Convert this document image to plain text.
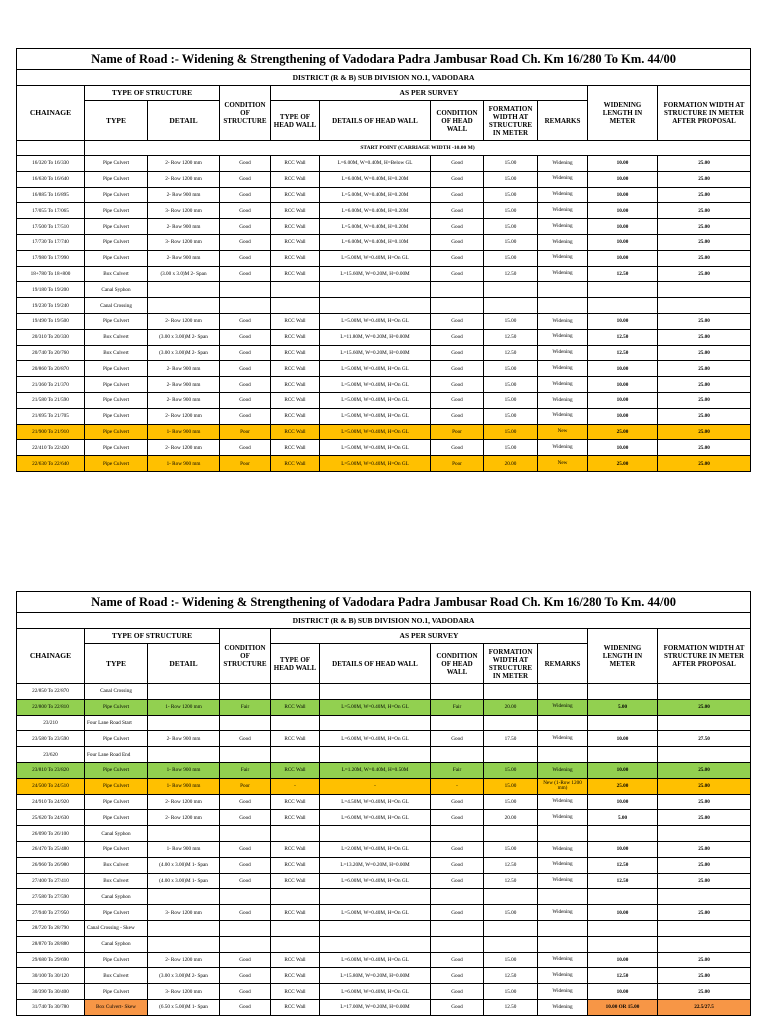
Name of Road :- Widening & Strengthening of Vadodara Padra Jambusar Road Ch. Km 16/280 To Km. 44/00										
DISTRICT (R & B) SUB DIVISION NO.1, VADODARA										
CHAINAGE	TYPE OF STRUCTURE		CONDITION OF STRUCTURE	AS PER SURVEY					WIDENING LENGTH IN METER	FORMATION WIDTH AT STRUCTURE IN METER AFTER PROPOSAL
	TYPE	DETAIL		TYPE OF HEAD WALL	DETAILS OF HEAD WALL	CONDITION OF HEAD WALL	FORMATION WIDTH AT STRUCTURE IN METER	REMARKS		
	START POINT (CARRIAGE WIDTH -10.00 M)									
16/320 To 16/330	Pipe Culvert	2- Row 1200 mm	Good	RCC Wall	L=6.00M, W=0.40M, H=Below GL	Good	15.00	Widening	10.00	25.00
16/630 To 16/640	Pipe Culvert	2- Row 1200 mm	Good	RCC Wall	L=6.00M, W=0.40M, H=0.20M	Good	15.00	Widening	10.00	25.00
16/885 To 16/895	Pipe Culvert	2- Row 900 mm	Good	RCC Wall	L=5.00M, W=0.40M, H=0.20M	Good	15.00	Widening	10.00	25.00
17/055 To 17/065	Pipe Culvert	3- Row 1200 mm	Good	RCC Wall	L=6.00M, W=0.40M, H=0.20M	Good	15.00	Widening	10.00	25.00
17/500 To 17/510	Pipe Culvert	2- Row 900 mm	Good	RCC Wall	L=5.00M, W=0.40M, H=0.20M	Good	15.00	Widening	10.00	25.00
17/730 To 17/740	Pipe Culvert	3- Row 1200 mm	Good	RCC Wall	L=6.00M, W=0.40M, H=0.10M	Good	15.00	Widening	10.00	25.00
17/980 To 17/990	Pipe Culvert	2- Row 900 mm	Good	RCC Wall	L=5.00M, W=0.40M, H=On GL	Good	15.00	Widening	10.00	25.00
18+780 To 18+800	Box Culvert	(3.00 x 3.0)M 2- Span	Good	RCC Wall	L=15.60M, W=0.20M, H=0.00M	Good	12.50	Widening	12.50	25.00
19/180 To 19/200	Canal Syphon									
19/230 To 19/240	Canal Crossing									
19/490 To 19/500	Pipe Culvert	2- Row 1200 mm	Good	RCC Wall	L=5.00M, W=0.40M, H=On GL	Good	15.00	Widening	10.00	25.00
20/310 To 20/330	Box Culvert	(3.00 x 3.00)M 2- Span	Good	RCC Wall	L=11.80M, W=0.20M, H=0.00M	Good	12.50	Widening	12.50	25.00
20/740 To 20/760	Box Culvert	(3.00 x 3.00)M 2- Span	Good	RCC Wall	L=15.60M, W=0.20M, H=0.00M	Good	12.50	Widening	12.50	25.00
20/860 To 20/870	Pipe Culvert	2- Row 900 mm	Good	RCC Wall	L=5.00M, W=0.40M, H=On GL	Good	15.00	Widening	10.00	25.00
21/360 To 21/370	Pipe Culvert	2- Row 900 mm	Good	RCC Wall	L=5.00M, W=0.40M, H=On GL	Good	15.00	Widening	10.00	25.00
21/580 To 21/590	Pipe Culvert	2- Row 900 mm	Good	RCC Wall	L=5.00M, W=0.40M, H=On GL	Good	15.00	Widening	10.00	25.00
21/695 To 21/705	Pipe Culvert	2- Row 1200 mm	Good	RCC Wall	L=5.00M, W=0.40M, H=On GL	Good	15.00	Widening	10.00	25.00
21/900 To 21/910	Pipe Culvert	1- Row 900 mm	Poor	RCC Wall	L=5.00M, W=0.40M, H=On GL	Poor	15.00	New	25.00	25.00
22/410 To 22/420	Pipe Culvert	2- Row 1200 mm	Good	RCC Wall	L=5.00M, W=0.40M, H=On GL	Good	15.00	Widening	10.00	25.00
22/630 To 22/640	Pipe Culvert	1- Row 900 mm	Poor	RCC Wall	L=5.00M, W=0.40M, H=On GL	Poor	20.00	New	25.00	25.00
Name of Road :- Widening & Strengthening of Vadodara Padra Jambusar Road Ch. Km 16/280 To Km. 44/00										
DISTRICT (R & B) SUB DIVISION NO.1, VADODARA										
CHAINAGE	TYPE OF STRUCTURE		CONDITION OF STRUCTURE	AS PER SURVEY					WIDENING LENGTH IN METER	FORMATION WIDTH AT STRUCTURE IN METER AFTER PROPOSAL
	TYPE	DETAIL		TYPE OF HEAD WALL	DETAILS OF HEAD WALL	CONDITION OF HEAD WALL	FORMATION WIDTH AT STRUCTURE IN METER	REMARKS		
22/850 To 22/870	Canal Crossing									
22/800 To 22/810	Pipe Culvert	1- Row 1200 mm	Fair	RCC Wall	L=5.00M, W=0.40M, H=On GL	Fair	20.00	Widening	5.00	25.00
23/210	Four Lane Road Start									
23/580 To 23/590	Pipe Culvert	2- Row 900 mm	Good	RCC Wall	L=6.00M, W=0.40M, H=On GL	Good	17.50	Widening	10.00	27.50
23/620	Four Lane Road End									
23/810 To 23/820	Pipe Culvert	1- Row 900 mm	Fair	RCC Wall	L=1.20M, W=0.40M, H=0.50M	Fair	15.00	Widening	10.00	25.00
24/500 To 24/510	Pipe Culvert	1- Row 900 mm	Poor	-	-	-	15.00	New (1-Row 1200 mm)	25.00	25.00
24/910 To 24/920	Pipe Culvert	2- Row 1200 mm	Good	RCC Wall	L=4.50M, W=0.40M, H=On GL	Good	15.00	Widening	10.00	25.00
25/620 To 24/630	Pipe Culvert	2- Row 1200 mm	Good	RCC Wall	L=6.00M, W=0.40M, H=On GL	Good	20.00	Widening	5.00	25.00
26/090 To 26/100	Canal Syphon									
26/470 To 25/480	Pipe Culvert	1- Row 900 mm	Good	RCC Wall	L=2.00M, W=0.40M, H=On GL	Good	15.00	Widening	10.00	25.00
26/960 To 26/980	Box Culvert	(4.00 x 3.00)M 1- Span	Good	RCC Wall	L=13.20M, W=0.20M, H=0.00M	Good	12.50	Widening	12.50	25.00
27/400 To 27/410	Box Culvert	(4.00 x 3.00)M 1- Span	Good	RCC Wall	L=6.00M, W=0.40M, H=On GL	Good	12.50	Widening	12.50	25.00
27/580 To 27/590	Canal Syphon									
27/940 To 27/950	Pipe Culvert	3- Row 1200 mm	Good	RCC Wall	L=5.00M, W=0.40M, H=On GL	Good	15.00	Widening	10.00	25.00
28/720 To 28/790	Canal Crossing - Skew									
28/870 To 28/880	Canal Syphon									
29/680 To 29/690	Pipe Culvert	2- Row 1200 mm	Good	RCC Wall	L=6.00M, W=0.40M, H=On GL	Good	15.00	Widening	10.00	25.00
30/100 To 30/120	Box Culvert	(3.00 x 3.00)M 2- Span	Good	RCC Wall	L=15.80M, W=0.20M, H=0.00M	Good	12.50	Widening	12.50	25.00
30/390 To 30/400	Pipe Culvert	3- Row 1200 mm	Good	RCC Wall	L=6.00M, W=0.40M, H=On GL	Good	15.00	Widening	10.00	25.00
31/740 To 30/780	Box Culvert- Skew	(6.50 x 5.00)M 1- Span	Good	RCC Wall	L=17.00M, W=0.20M, H=0.00M	Good	12.50	Widening	10.00 OR 15.00	22.5/27.5
